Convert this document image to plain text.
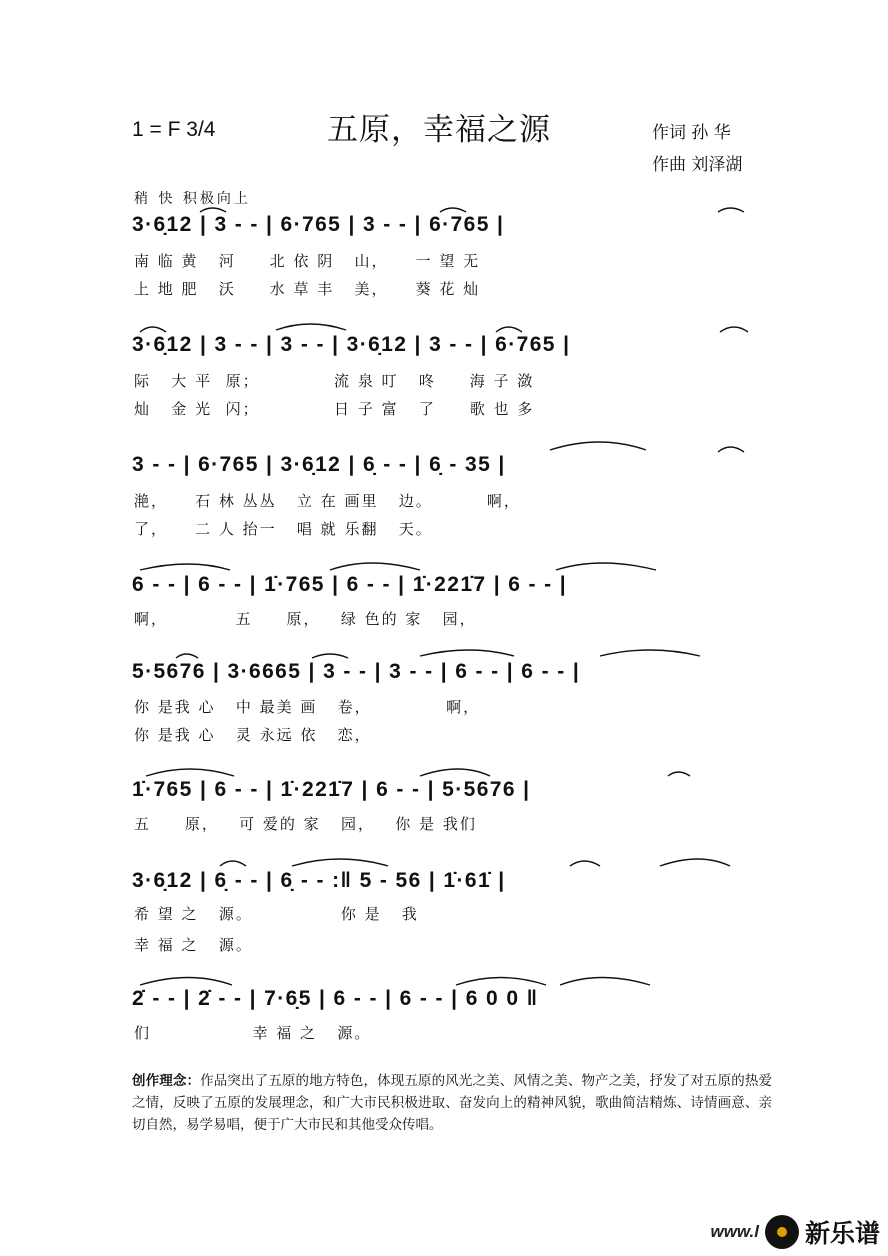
1 = F 3/4	五原，幸福之源	作词 孙 华
作曲 刘泽湖
稍 快 积极向上
3·6̣12 | 3 - - | 6·765 | 3 - - | 6·765 |
南 临 黄   河     北 依 阴   山，    一 望 无
上 地 肥   沃     水 草 丰   美，    葵 花 灿
3·6̣12 | 3 - - | 3 - - | 3·6̣12 | 3 - - | 6·765 |
际   大 平  原；           流 泉 叮   咚     海 子 潋
灿   金 光  闪；           日 子 富   了     歌 也 多
3 - - | 6·765 | 3·6̣12 | 6̣ - - | 6̣ - 35 |
滟，    石 林 丛丛   立 在 画里   边。        啊，
了，    二 人 抬一   唱 就 乐翻   天。
6 - - | 6 - - | 1̇·765 | 6 - - | 1̇·221̇7 | 6 - - |
啊，          五     原，   绿 色的 家   园，
5·5676 | 3·6665 | 3 - - | 3 - - | 6 - - | 6 - - |
你 是我 心   中 最美 画   卷，           啊，
你 是我 心   灵 永远 依   恋，
1̇·765 | 6 - - | 1̇·221̇7 | 6 - - | 5·5676 |
五     原，   可 爱的 家   园，   你 是 我们
3·6̣12 | 6̣ - - | 6̣ - - :‖ 5 - 56 | 1̇·61̇ |
希 望 之   源。             你 是   我
幸 福 之   源。
2̇ - - | 2̇ - - | 7·6̣5 | 6 - - | 6 - - | 6 0 0 ‖
们               幸 福 之   源。
创作理念：作品突出了五原的地方特色，体现五原的风光之美、风情之美、物产之美，抒发了对五原的热爱之情，反映了五原的发展理念，和广大市民积极进取、奋发向上的精神风貌，歌曲简洁精炼、诗情画意、亲切自然，易学易唱，便于广大市民和其他受众传唱。
www.l 新乐谱
